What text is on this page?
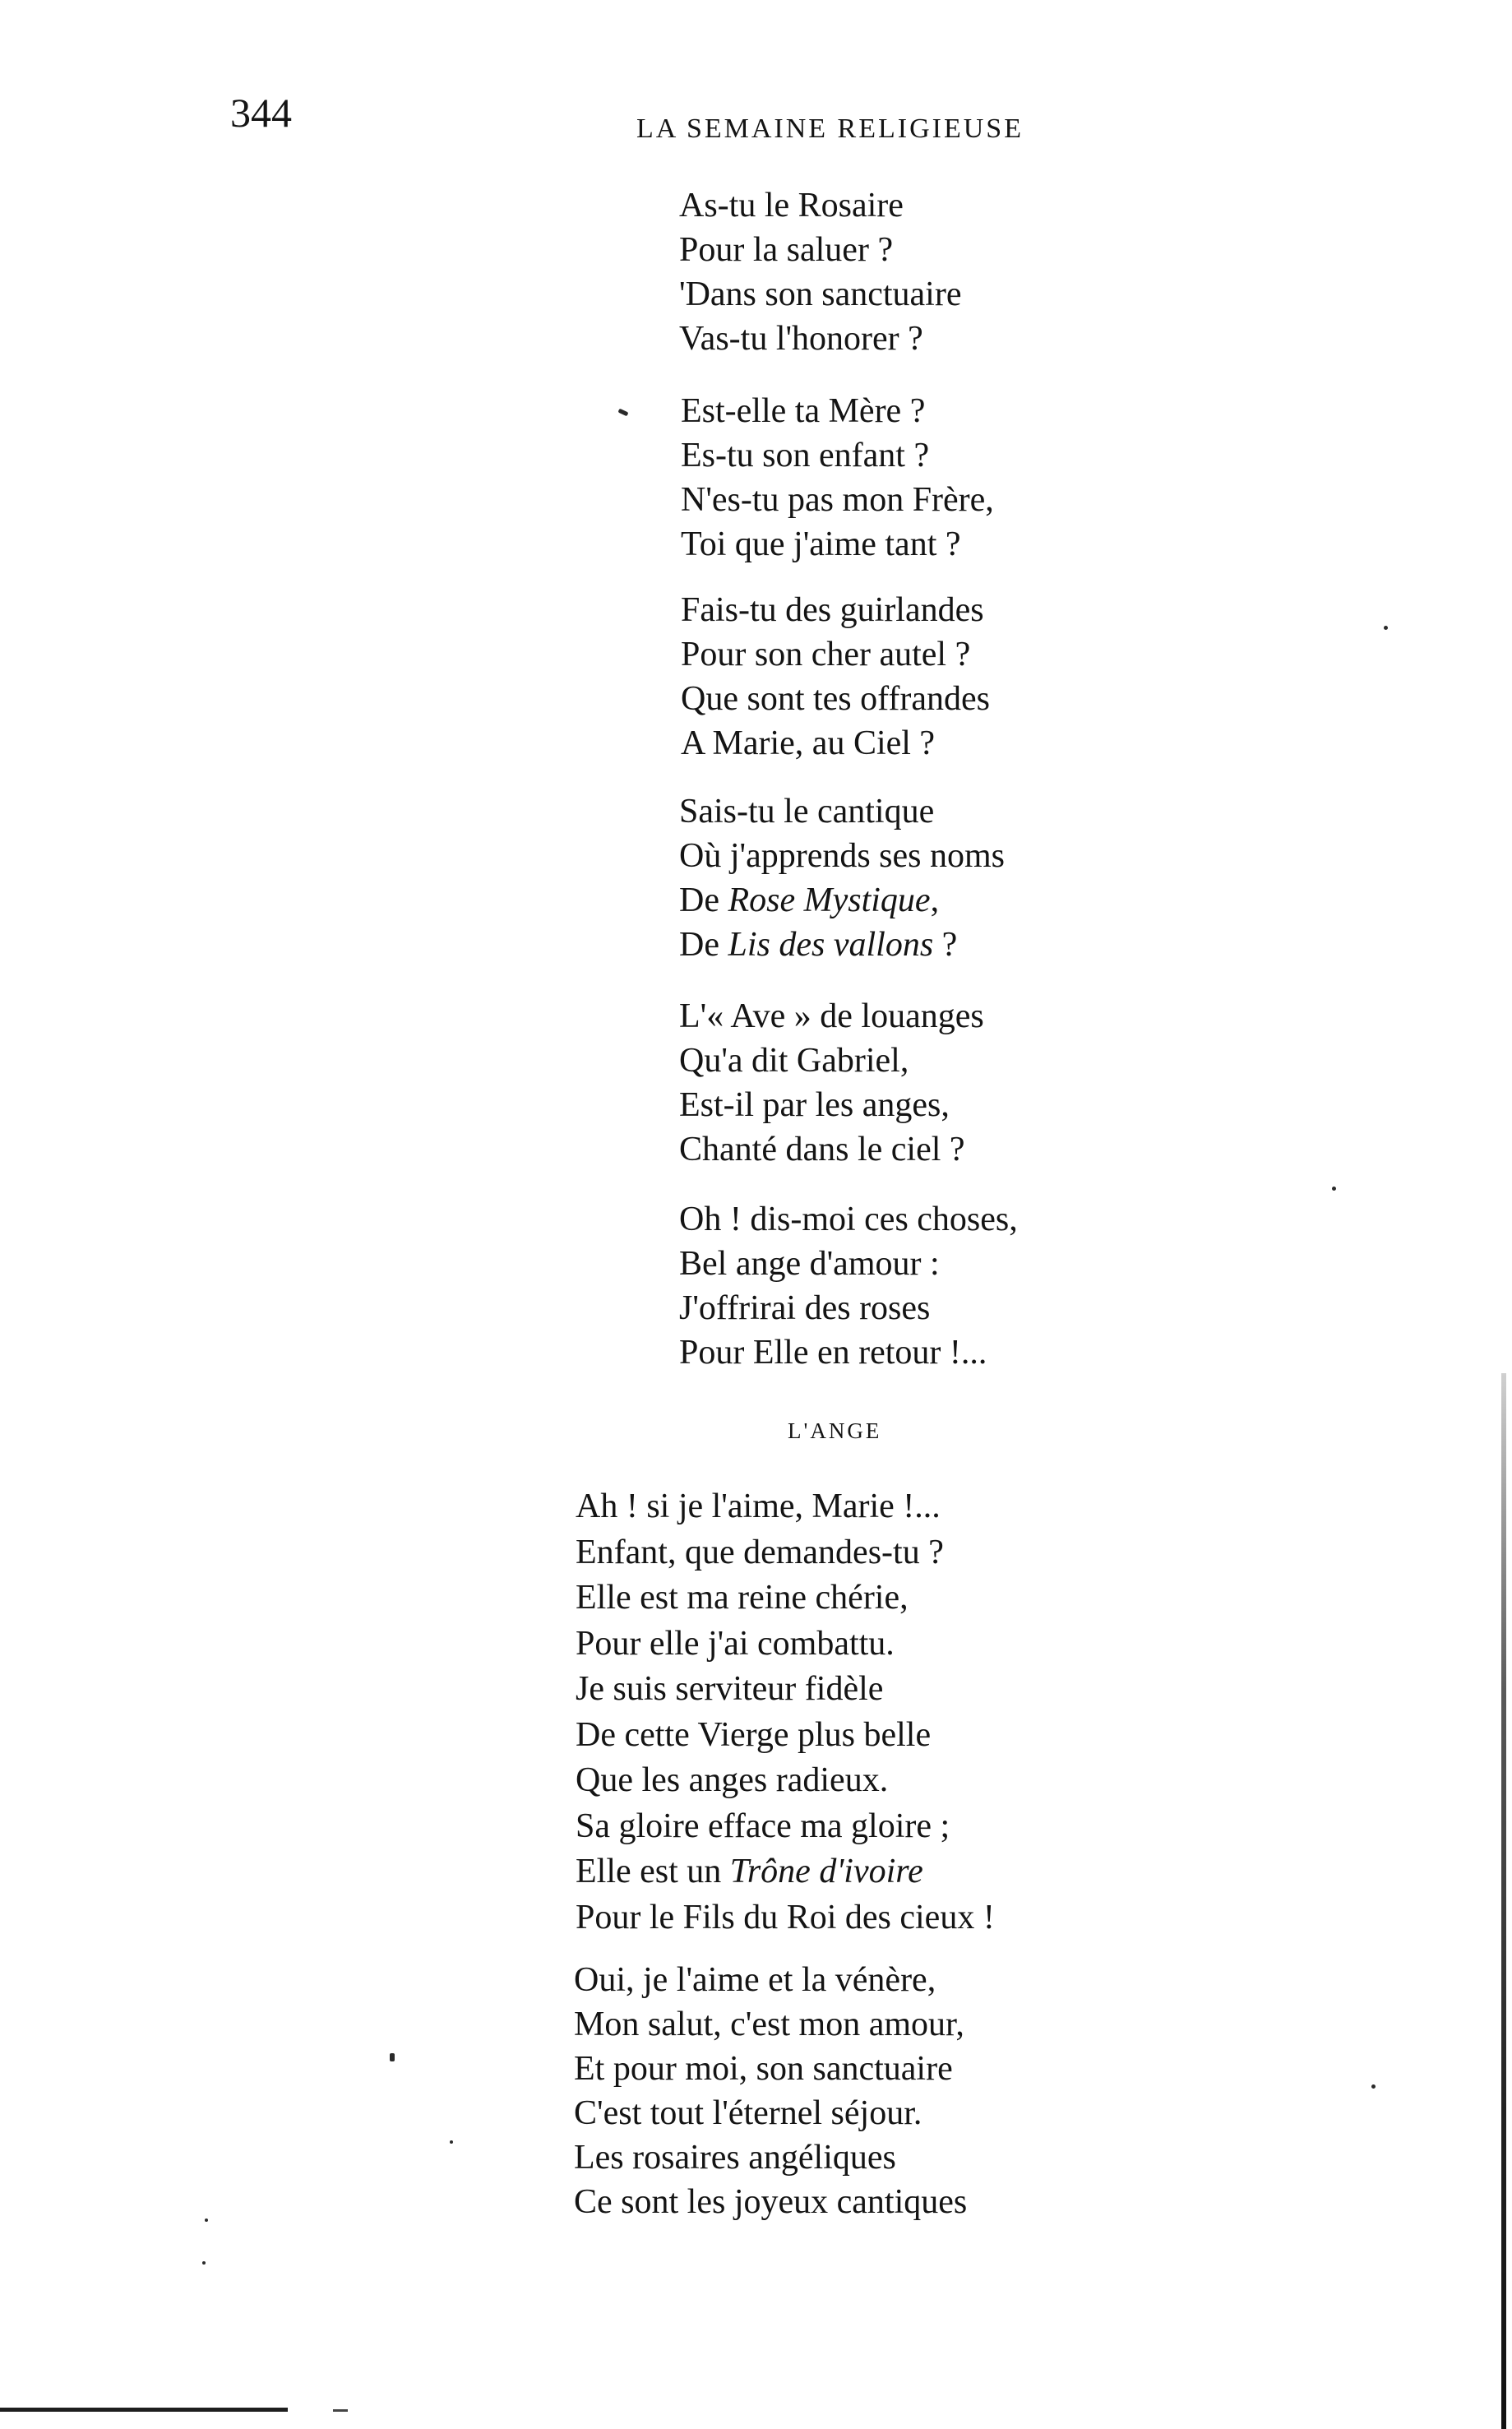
344	LA SEMAINE RELIGIEUSE

As-tu le Rosaire
Pour la saluer ?
'Dans son sanctuaire
Vas-tu l'honorer ?

Est-elle ta Mère ?
Es-tu son enfant ?
N'es-tu pas mon Frère,
Toi que j'aime tant ?

Fais-tu des guirlandes
Pour son cher autel ?
Que sont tes offrandes
A Marie, au Ciel ?

Sais-tu le cantique
Où j'apprends ses noms
De Rose Mystique,
De Lis des vallons ?

L'« Ave » de louanges
Qu'a dit Gabriel,
Est-il par les anges,
Chanté dans le ciel ?

Oh ! dis-moi ces choses,
Bel ange d'amour :
J'offrirai des roses
Pour Elle en retour !...

L'ANGE

Ah ! si je l'aime, Marie !...
Enfant, que demandes-tu ?
Elle est ma reine chérie,
Pour elle j'ai combattu.
Je suis serviteur fidèle
De cette Vierge plus belle
Que les anges radieux.
Sa gloire efface ma gloire ;
Elle est un Trône d'ivoire
Pour le Fils du Roi des cieux !

Oui, je l'aime et la vénère,
Mon salut, c'est mon amour,
Et pour moi, son sanctuaire
C'est tout l'éternel séjour.
Les rosaires angéliques
Ce sont les joyeux cantiques
